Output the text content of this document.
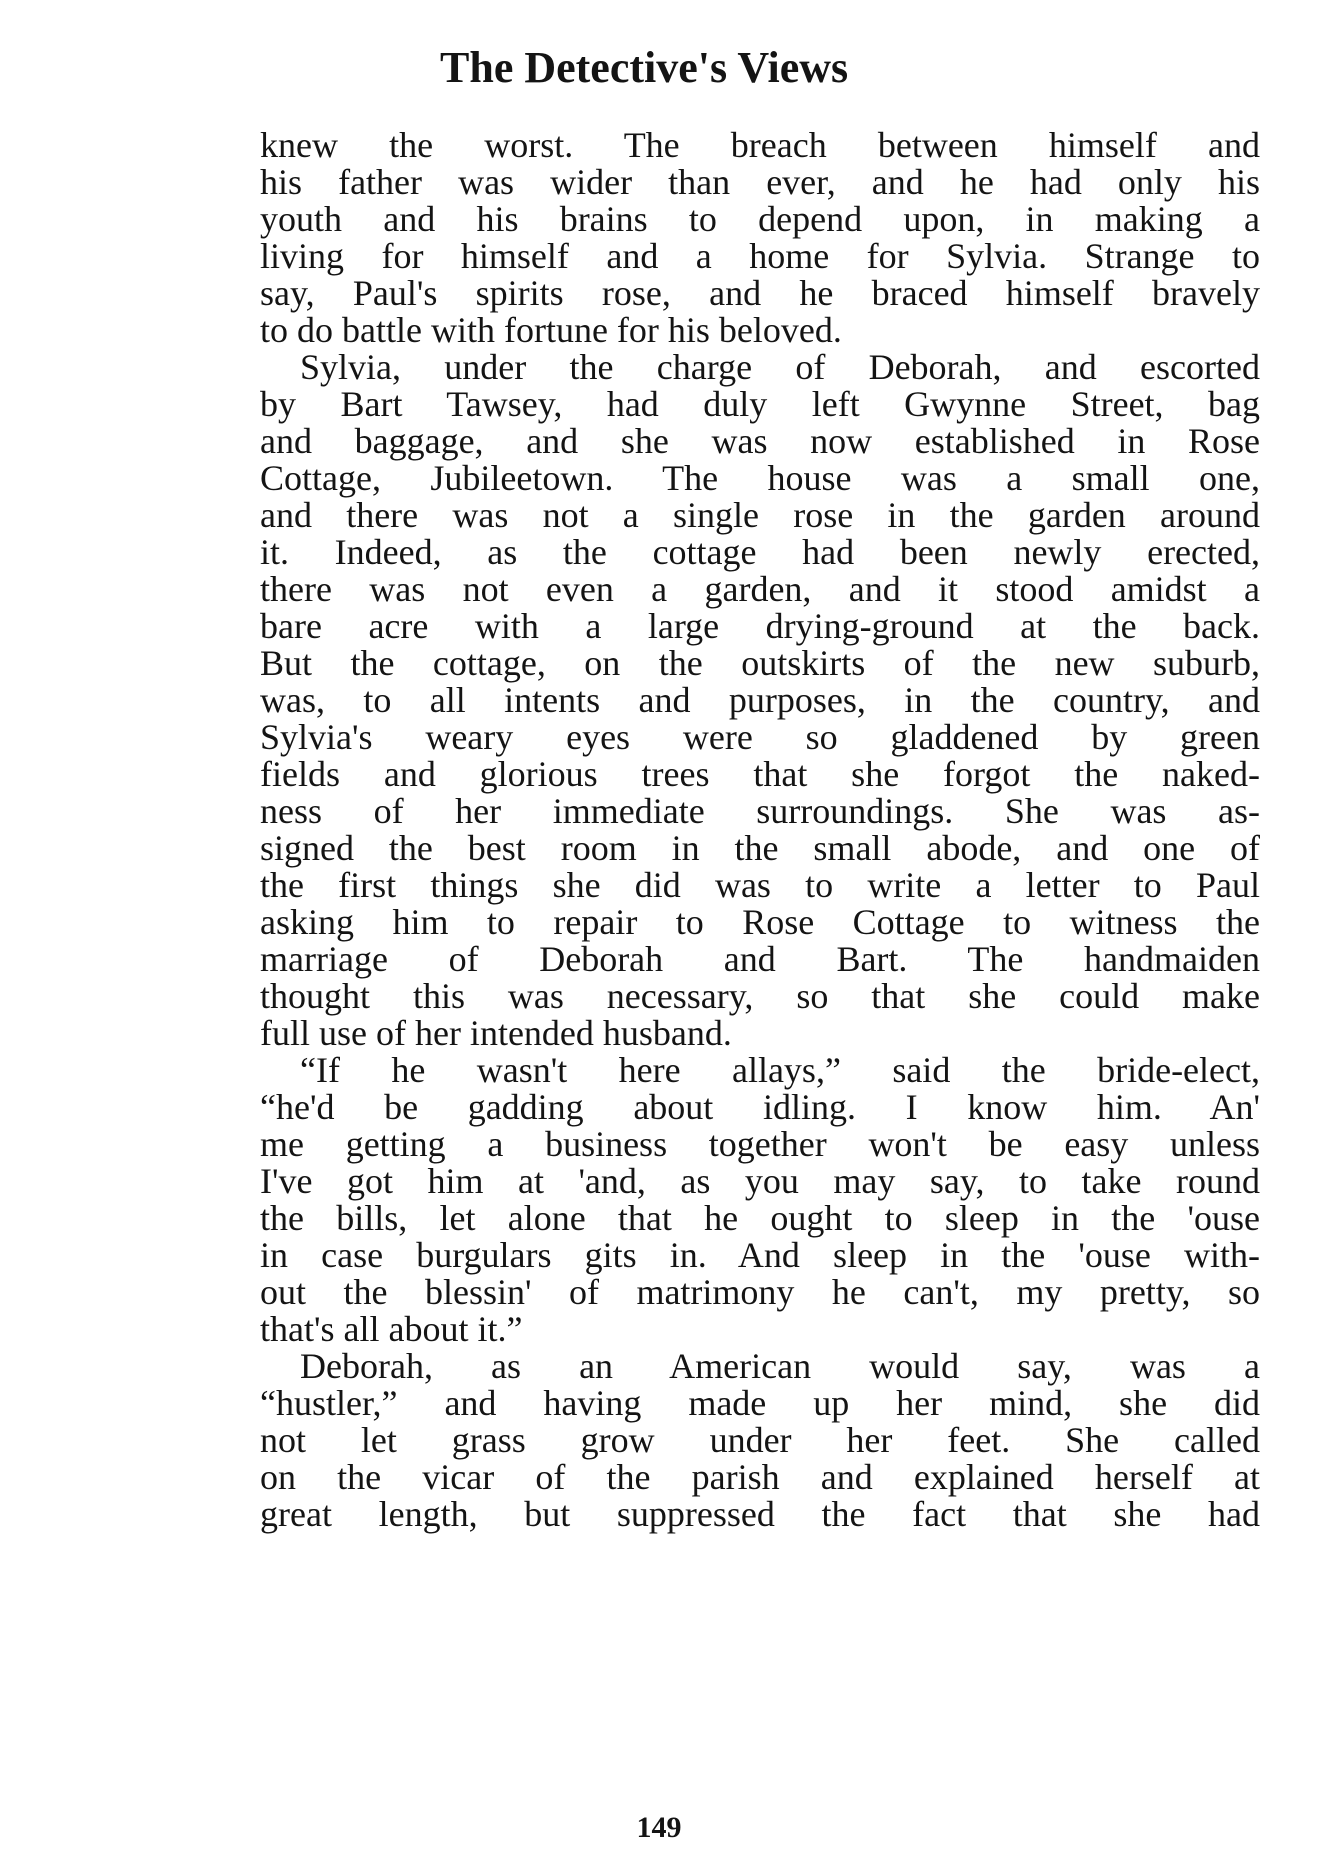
The Detective's Views
knew the worst. The breach between himself and
his father was wider than ever, and he had only his
youth and his brains to depend upon, in making a
living for himself and a home for Sylvia. Strange to
say, Paul's spirits rose, and he braced himself bravely
to do battle with fortune for his beloved.
Sylvia, under the charge of Deborah, and escorted
by Bart Tawsey, had duly left Gwynne Street, bag
and baggage, and she was now established in Rose
Cottage, Jubileetown. The house was a small one,
and there was not a single rose in the garden around
it. Indeed, as the cottage had been newly erected,
there was not even a garden, and it stood amidst a
bare acre with a large drying-ground at the back.
But the cottage, on the outskirts of the new suburb,
was, to all intents and purposes, in the country, and
Sylvia's weary eyes were so gladdened by green
fields and glorious trees that she forgot the naked-
ness of her immediate surroundings. She was as-
signed the best room in the small abode, and one of
the first things she did was to write a letter to Paul
asking him to repair to Rose Cottage to witness the
marriage of Deborah and Bart. The handmaiden
thought this was necessary, so that she could make
full use of her intended husband.
“If he wasn't here allays,” said the bride-elect,
“he'd be gadding about idling. I know him. An'
me getting a business together won't be easy unless
I've got him at 'and, as you may say, to take round
the bills, let alone that he ought to sleep in the 'ouse
in case burgulars gits in. And sleep in the 'ouse with-
out the blessin' of matrimony he can't, my pretty, so
that's all about it.”
Deborah, as an American would say, was a
“hustler,” and having made up her mind, she did
not let grass grow under her feet. She called
on the vicar of the parish and explained herself at
great length, but suppressed the fact that she had
149
